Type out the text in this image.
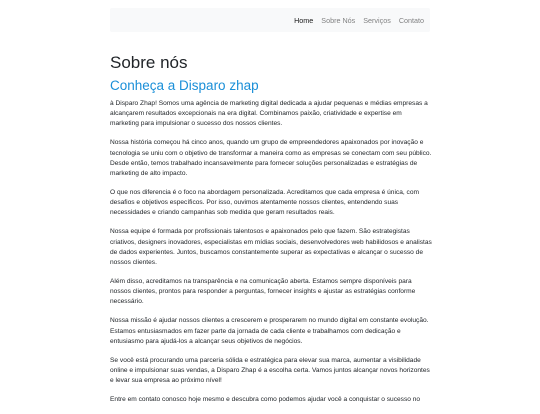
Home Sobre Nós Serviços Contato
Sobre nós
Conheça a Disparo zhap

à Disparo Zhap! Somos uma agência de marketing digital dedicada a ajudar pequenas e médias empresas a alcançarem resultados excepcionais na era digital. Combinamos paixão, criatividade e expertise em marketing para impulsionar o sucesso dos nossos clientes.

Nossa história começou há cinco anos, quando um grupo de empreendedores apaixonados por inovação e tecnologia se uniu com o objetivo de transformar a maneira como as empresas se conectam com seu público. Desde então, temos trabalhado incansavelmente para fornecer soluções personalizadas e estratégias de marketing de alto impacto.

O que nos diferencia é o foco na abordagem personalizada. Acreditamos que cada empresa é única, com desafios e objetivos específicos. Por isso, ouvimos atentamente nossos clientes, entendendo suas necessidades e criando campanhas sob medida que geram resultados reais.

Nossa equipe é formada por profissionais talentosos e apaixonados pelo que fazem. São estrategistas criativos, designers inovadores, especialistas em mídias sociais, desenvolvedores web habilidosos e analistas de dados experientes. Juntos, buscamos constantemente superar as expectativas e alcançar o sucesso de nossos clientes.

Além disso, acreditamos na transparência e na comunicação aberta. Estamos sempre disponíveis para nossos clientes, prontos para responder a perguntas, fornecer insights e ajustar as estratégias conforme necessário.

Nossa missão é ajudar nossos clientes a crescerem e prosperarem no mundo digital em constante evolução. Estamos entusiasmados em fazer parte da jornada de cada cliente e trabalhamos com dedicação e entusiasmo para ajudá-los a alcançar seus objetivos de negócios.

Se você está procurando uma parceria sólida e estratégica para elevar sua marca, aumentar a visibilidade online e impulsionar suas vendas, a Disparo Zhap é a escolha certa. Vamos juntos alcançar novos horizontes e levar sua empresa ao próximo nível!

Entre em contato conosco hoje mesmo e descubra como podemos ajudar você a conquistar o sucesso no
